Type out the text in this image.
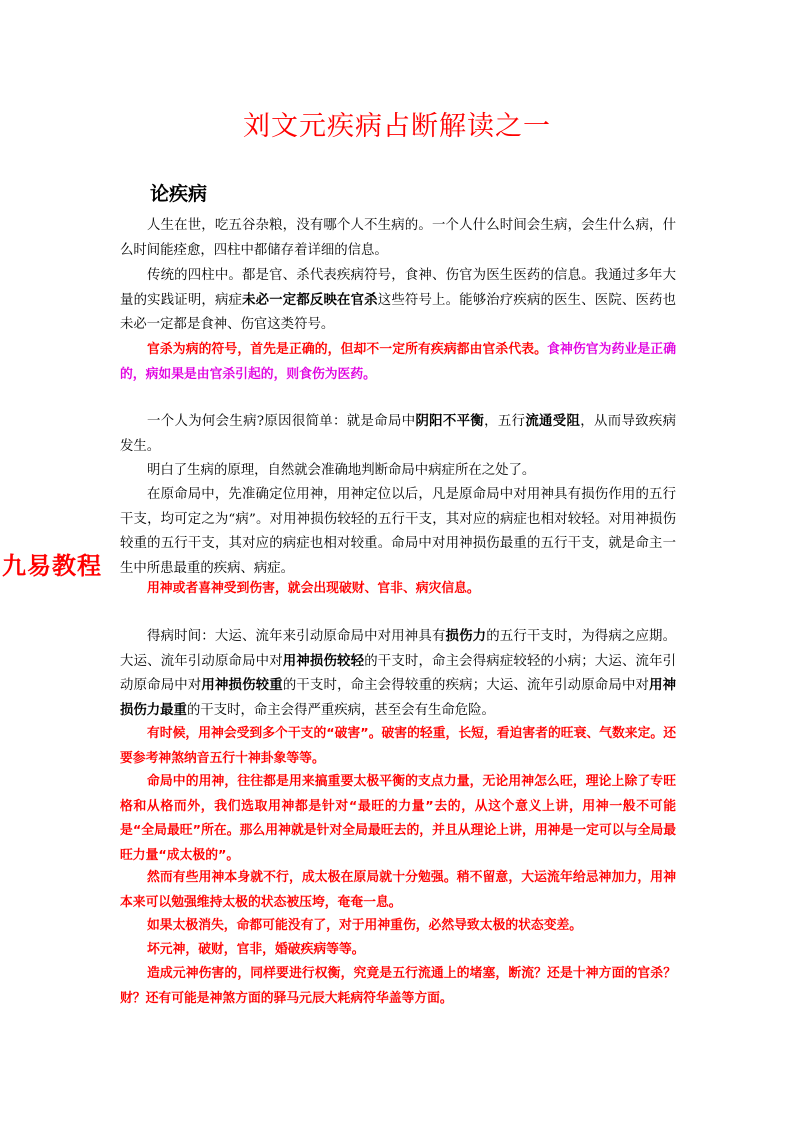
刘文元疾病占断解读之一
论疾病
九易教程

人生在世，吃五谷杂粮，没有哪个人不生病的。一个人什么时间会生病，会生什么病，什么时间能痊愈，四柱中都储存着详细的信息。

传统的四柱中。都是官、杀代表疾病符号，食神、伤官为医生医药的信息。我通过多年大量的实践证明，病症未必一定都反映在官杀这些符号上。能够治疗疾病的医生、医院、医药也未必一定都是食神、伤官这类符号。

官杀为病的符号，首先是正确的，但却不一定所有疾病都由官杀代表。食神伤官为药业是正确的，病如果是由官杀引起的，则食伤为医药。

一个人为何会生病?原因很简单：就是命局中阴阳不平衡，五行流通受阻，从而导致疾病发生。

明白了生病的原理，自然就会准确地判断命局中病症所在之处了。

在原命局中，先准确定位用神，用神定位以后，凡是原命局中对用神具有损伤作用的五行干支，均可定之为“病”。对用神损伤较轻的五行干支，其对应的病症也相对较轻。对用神损伤较重的五行干支，其对应的病症也相对较重。命局中对用神损伤最重的五行干支，就是命主一生中所患最重的疾病、病症。

用神或者喜神受到伤害，就会出现破财、官非、病灾信息。

得病时间：大运、流年来引动原命局中对用神具有损伤力的五行干支时，为得病之应期。大运、流年引动原命局中对用神损伤较轻的干支时，命主会得病症较轻的小病；大运、流年引动原命局中对用神损伤较重的干支时，命主会得较重的疾病；大运、流年引动原命局中对用神损伤力最重的干支时，命主会得严重疾病，甚至会有生命危险。

有时候，用神会受到多个干支的“破害”。破害的轻重，长短，看迫害者的旺衰、气数来定。还要参考神煞纳音五行十神卦象等等。

命局中的用神，往往都是用来搞重要太极平衡的支点力量，无论用神怎么旺，理论上除了专旺格和从格而外，我们选取用神都是针对“最旺的力量”去的，从这个意义上讲，用神一般不可能是“全局最旺”所在。那么用神就是针对全局最旺去的，并且从理论上讲，用神是一定可以与全局最旺力量“成太极的”。

然而有些用神本身就不行，成太极在原局就十分勉强。稍不留意，大运流年给忌神加力，用神本来可以勉强维持太极的状态被压垮，奄奄一息。

如果太极消失，命都可能没有了，对于用神重伤，必然导致太极的状态变差。

坏元神，破财，官非，婚破疾病等等。

造成元神伤害的，同样要进行权衡，究竟是五行流通上的堵塞，断流？还是十神方面的官杀？财？还有可能是神煞方面的驿马元辰大耗病符华盖等方面。
